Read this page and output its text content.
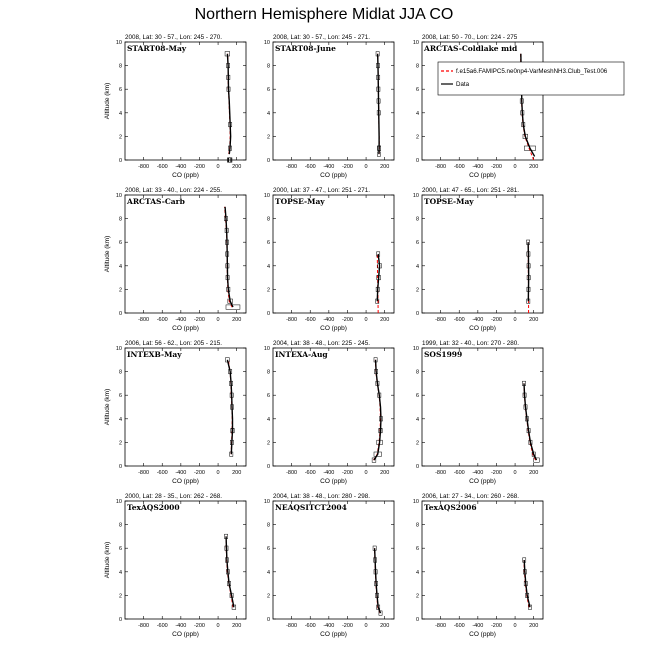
Northern Hemisphere Midlat JJA CO
2008, Lat: 30 - 57., Lon: 245 - 270.
START08-May
0
2
4
6
8
10
-800 -600 -400 -200 0 200
CO (ppb)
Altitude (km)
2008, Lat: 30 - 57., Lon: 245 - 271.
START08-June
0
2
4
6
8
10
-800 -600 -400 -200 0 200
CO (ppb)
2008, Lat: 50 - 70., Lon: 224 - 275
ARCTAS-Coldlake mid
0
2
4
6
8
10
-800 -600 -400 -200 0 200
CO (ppb)
f.e15a6.FAMIPC5.ne0np4-VarMeshNH3.Club_Test.006
Data
2008, Lat: 33 - 40., Lon: 224 - 255.
ARCTAS-Carb
0
2
4
6
8
10
-800 -600 -400 -200 0 200
CO (ppb)
Altitude (km)
2000, Lat: 37 - 47., Lon: 251 - 271.
TOPSE-May
0
2
4
6
8
10
-800 -600 -400 -200 0 200
CO (ppb)
2000, Lat: 47 - 65., Lon: 251 - 281.
TOPSE-May
0
2
4
6
8
10
-800 -600 -400 -200 0 200
CO (ppb)
2006, Lat: 56 - 62., Lon: 205 - 215.
INTEXB-May
0
2
4
6
8
10
-800 -600 -400 -200 0 200
CO (ppb)
Altitude (km)
2004, Lat: 38 - 48., Lon: 225 - 245.
INTEXA-Aug
0
2
4
6
8
10
-800 -600 -400 -200 0 200
CO (ppb)
1999, Lat: 32 - 40., Lon: 270 - 280.
SOS1999
0
2
4
6
8
10
-800 -600 -400 -200 0 200
CO (ppb)
2000, Lat: 28 - 35., Lon: 262 - 268.
TexAQS2000
0
2
4
6
8
10
-800 -600 -400 -200 0 200
CO (ppb)
Altitude (km)
2004, Lat: 38 - 48., Lon: 280 - 298.
NEAQSITCT2004
0
2
4
6
8
10
-800 -600 -400 -200 0 200
CO (ppb)
2006, Lat: 27 - 34., Lon: 260 - 268.
TexAQS2006
0
2
4
6
8
10
-800 -600 -400 -200 0 200
CO (ppb)
